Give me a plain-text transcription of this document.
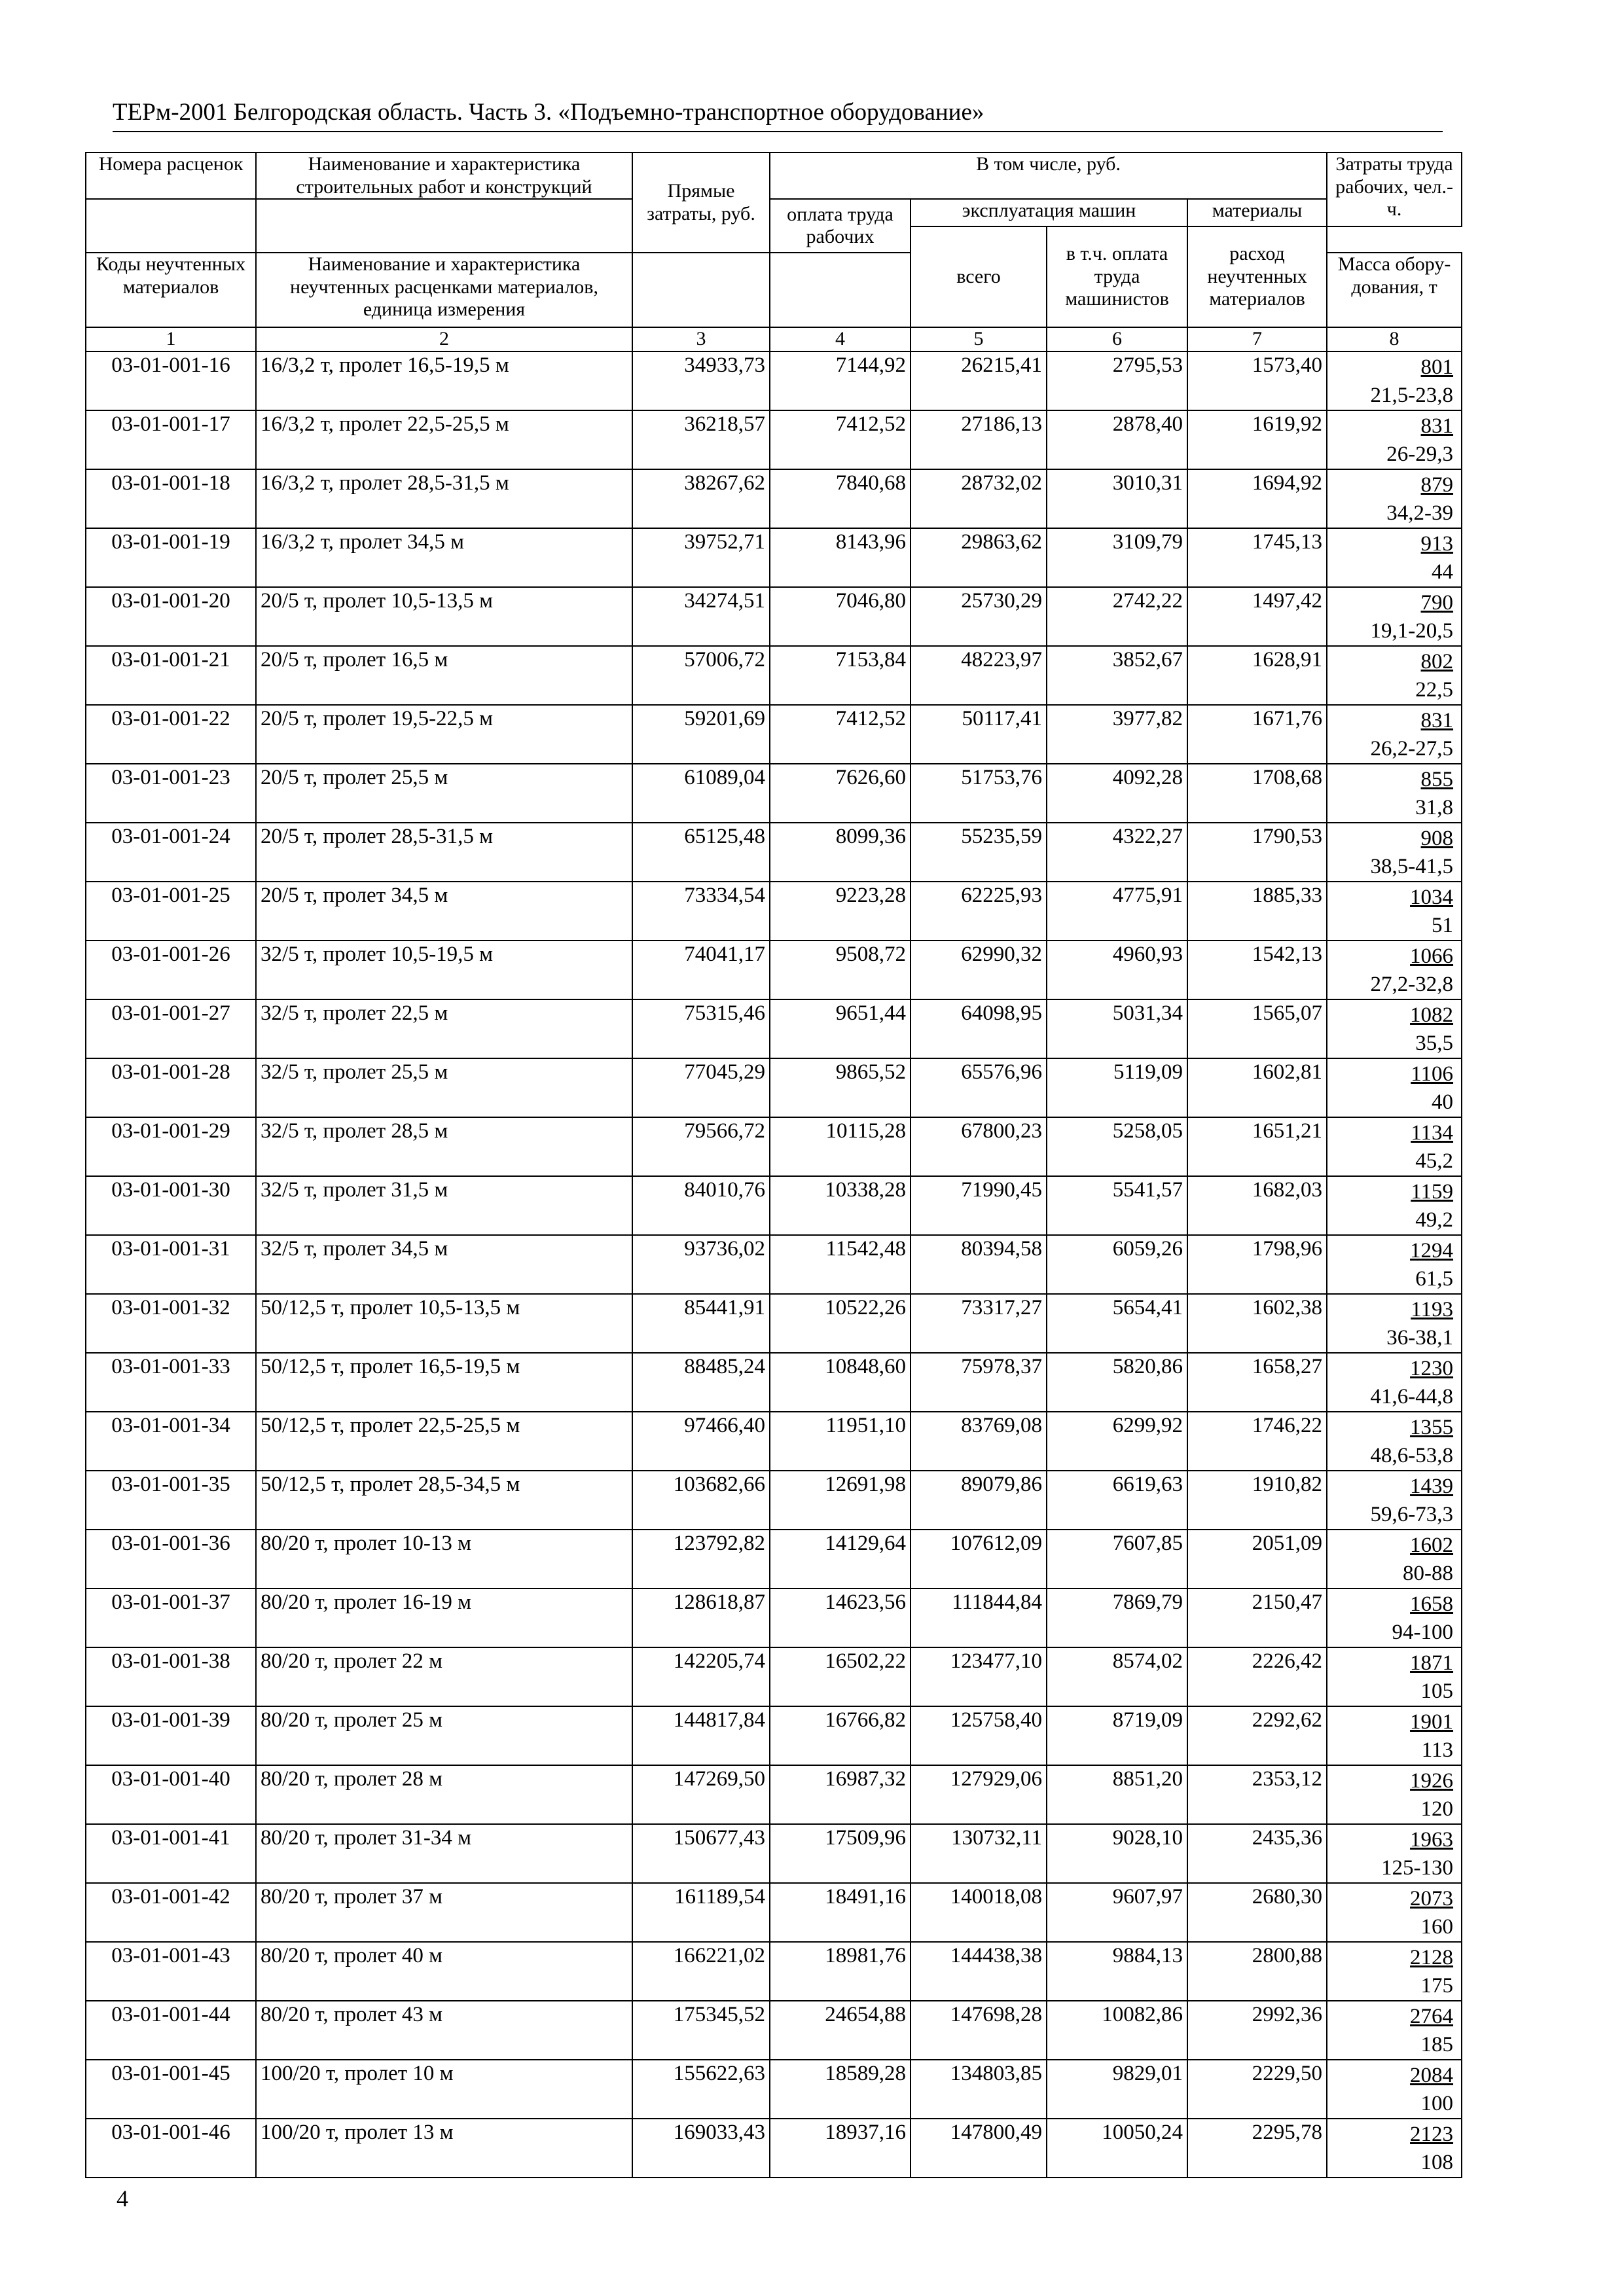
ТЕРм-2001 Белгородская область. Часть 3. «Подъемно-транспортное оборудование»
Номера расценок	Наименование и характеристика строительных работ и конструкций	Прямые затраты, руб.	В том числе, руб.				Затраты труда рабочих, чел.-ч.
			оплата труда рабочих	эксплуатация машин		материалы	
				всего	в т.ч. оплата труда машинистов	расход неучтенных материалов	
Коды неучтенных материалов	Наименование и характеристика неучтенных расценками материалов, единица измерения						Масса обору-дования, т
1	2	3	4	5	6	7	8
03-01-001-16	16/3,2 т, пролет 16,5-19,5 м	34933,73	7144,92	26215,41	2795,53	1573,40	801
21,5-23,8

03-01-001-17	16/3,2 т, пролет 22,5-25,5 м	36218,57	7412,52	27186,13	2878,40	1619,92	831
26-29,3

03-01-001-18	16/3,2 т, пролет 28,5-31,5 м	38267,62	7840,68	28732,02	3010,31	1694,92	879
34,2-39

03-01-001-19	16/3,2 т, пролет 34,5 м	39752,71	8143,96	29863,62	3109,79	1745,13	913
44

03-01-001-20	20/5 т, пролет 10,5-13,5 м	34274,51	7046,80	25730,29	2742,22	1497,42	790
19,1-20,5

03-01-001-21	20/5 т, пролет 16,5 м	57006,72	7153,84	48223,97	3852,67	1628,91	802
22,5

03-01-001-22	20/5 т, пролет 19,5-22,5 м	59201,69	7412,52	50117,41	3977,82	1671,76	831
26,2-27,5

03-01-001-23	20/5 т, пролет 25,5 м	61089,04	7626,60	51753,76	4092,28	1708,68	855
31,8

03-01-001-24	20/5 т, пролет 28,5-31,5 м	65125,48	8099,36	55235,59	4322,27	1790,53	908
38,5-41,5

03-01-001-25	20/5 т, пролет 34,5 м	73334,54	9223,28	62225,93	4775,91	1885,33	1034
51

03-01-001-26	32/5 т, пролет 10,5-19,5 м	74041,17	9508,72	62990,32	4960,93	1542,13	1066
27,2-32,8

03-01-001-27	32/5 т, пролет 22,5 м	75315,46	9651,44	64098,95	5031,34	1565,07	1082
35,5

03-01-001-28	32/5 т, пролет 25,5 м	77045,29	9865,52	65576,96	5119,09	1602,81	1106
40

03-01-001-29	32/5 т, пролет 28,5 м	79566,72	10115,28	67800,23	5258,05	1651,21	1134
45,2

03-01-001-30	32/5 т, пролет 31,5 м	84010,76	10338,28	71990,45	5541,57	1682,03	1159
49,2

03-01-001-31	32/5 т, пролет 34,5 м	93736,02	11542,48	80394,58	6059,26	1798,96	1294
61,5

03-01-001-32	50/12,5 т, пролет 10,5-13,5 м	85441,91	10522,26	73317,27	5654,41	1602,38	1193
36-38,1

03-01-001-33	50/12,5 т, пролет 16,5-19,5 м	88485,24	10848,60	75978,37	5820,86	1658,27	1230
41,6-44,8

03-01-001-34	50/12,5 т, пролет 22,5-25,5 м	97466,40	11951,10	83769,08	6299,92	1746,22	1355
48,6-53,8

03-01-001-35	50/12,5 т, пролет 28,5-34,5 м	103682,66	12691,98	89079,86	6619,63	1910,82	1439
59,6-73,3

03-01-001-36	80/20 т, пролет 10-13 м	123792,82	14129,64	107612,09	7607,85	2051,09	1602
80-88

03-01-001-37	80/20 т, пролет 16-19 м	128618,87	14623,56	111844,84	7869,79	2150,47	1658
94-100

03-01-001-38	80/20 т, пролет 22 м	142205,74	16502,22	123477,10	8574,02	2226,42	1871
105

03-01-001-39	80/20 т, пролет 25 м	144817,84	16766,82	125758,40	8719,09	2292,62	1901
113

03-01-001-40	80/20 т, пролет 28 м	147269,50	16987,32	127929,06	8851,20	2353,12	1926
120

03-01-001-41	80/20 т, пролет 31-34 м	150677,43	17509,96	130732,11	9028,10	2435,36	1963
125-130

03-01-001-42	80/20 т, пролет 37 м	161189,54	18491,16	140018,08	9607,97	2680,30	2073
160

03-01-001-43	80/20 т, пролет 40 м	166221,02	18981,76	144438,38	9884,13	2800,88	2128
175

03-01-001-44	80/20 т, пролет 43 м	175345,52	24654,88	147698,28	10082,86	2992,36	2764
185

03-01-001-45	100/20 т, пролет 10 м	155622,63	18589,28	134803,85	9829,01	2229,50	2084
100

03-01-001-46	100/20 т, пролет 13 м	169033,43	18937,16	147800,49	10050,24	2295,78	2123
108
4
